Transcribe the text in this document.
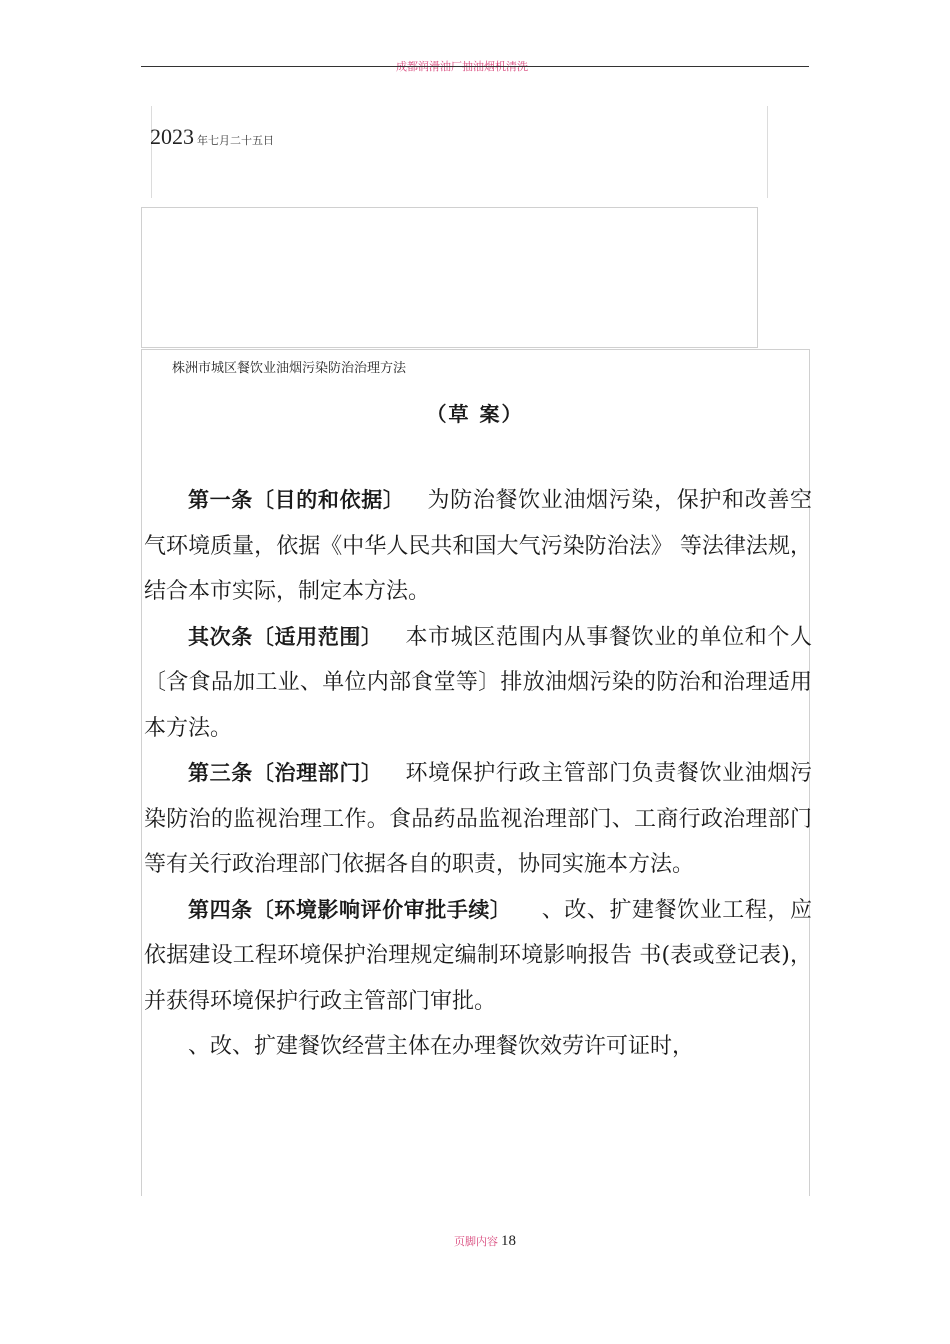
成都润滑油厂抽油烟机清洗
2023 年七月二十五日
株洲市城区餐饮业油烟污染防治治理方法
（草 案）

第一条〔目的和依据〕 为防治餐饮业油烟污染，保护和改善空气环境质量，依据《中华人民共和国大气污染防治法》 等法律法规，结合本市实际，制定本方法。

其次条〔适用范围〕 本市城区范围内从事餐饮业的单位和个人〔含食品加工业、单位内部食堂等〕排放油烟污染的防治和治理适用本方法。

第三条〔治理部门〕 环境保护行政主管部门负责餐饮业油烟污染防治的监视治理工作。食品药品监视治理部门、工商行政治理部门等有关行政治理部门依据各自的职责，协同实施本方法。

第四条〔环境影响评价审批手续〕 、改、扩建餐饮业工程，应依据建设工程环境保护治理规定编制环境影响报告 书(表或登记表)，并获得环境保护行政主管部门审批。

、改、扩建餐饮经营主体在办理餐饮效劳许可证时，

页脚内容 18
